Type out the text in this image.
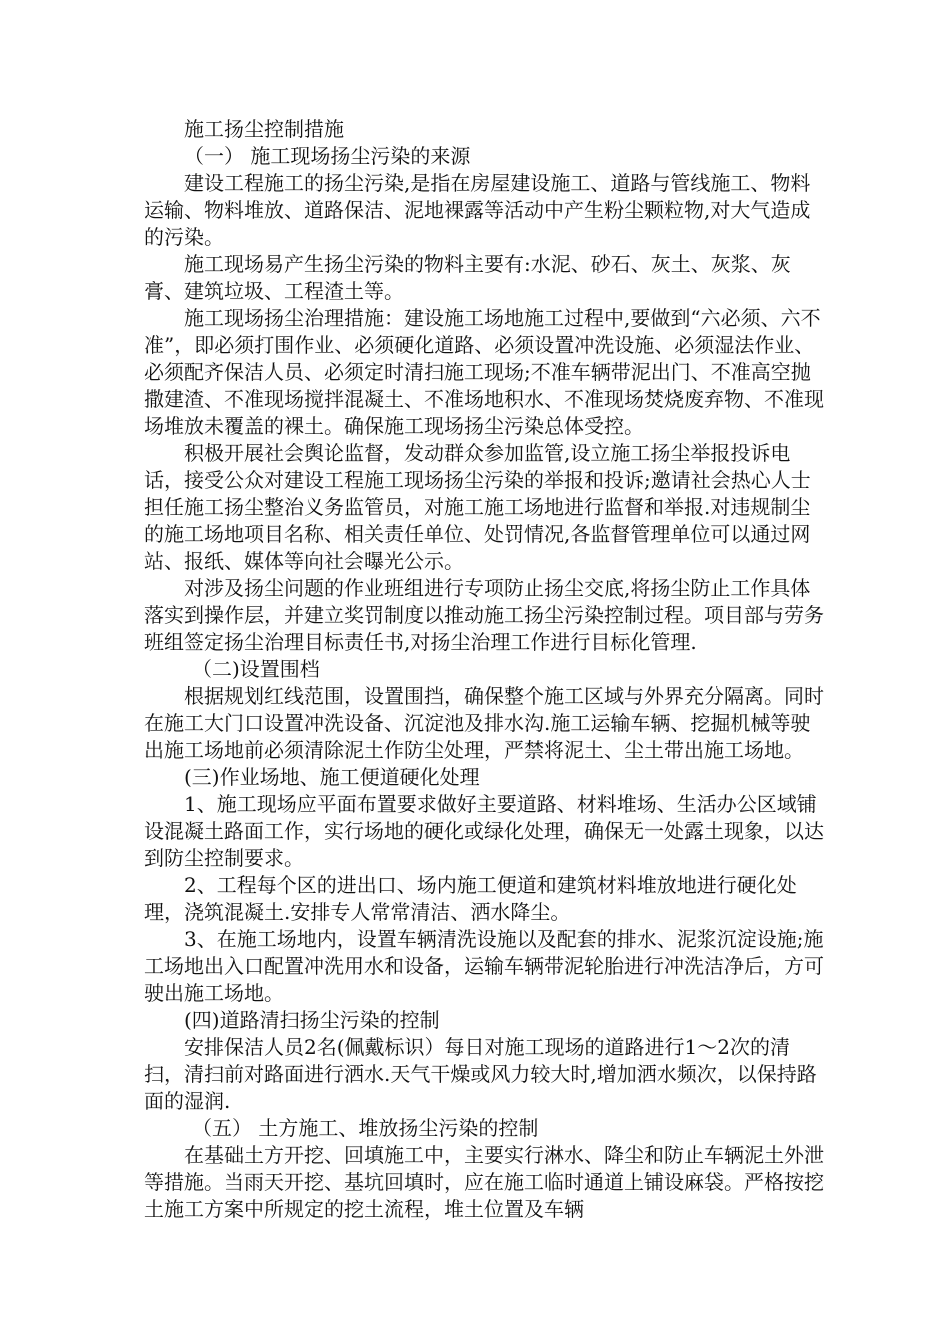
施工扬尘控制措施

（一） 施工现场扬尘污染的来源

建设工程施工的扬尘污染,是指在房屋建设施工、道路与管线施工、物料运输、物料堆放、道路保洁、泥地裸露等活动中产生粉尘颗粒物,对大气造成的污染。

施工现场易产生扬尘污染的物料主要有:水泥、砂石、灰土、灰浆、灰膏、建筑垃圾、工程渣土等。

施工现场扬尘治理措施：建设施工场地施工过程中,要做到“六必须、六不准”，即必须打围作业、必须硬化道路、必须设置冲洗设施、必须湿法作业、必须配齐保洁人员、必须定时清扫施工现场;不准车辆带泥出门、不准高空抛撒建渣、不准现场搅拌混凝土、不准场地积水、不准现场焚烧废弃物、不准现场堆放未覆盖的裸土。确保施工现场扬尘污染总体受控。

积极开展社会舆论监督，发动群众参加监管,设立施工扬尘举报投诉电话，接受公众对建设工程施工现场扬尘污染的举报和投诉;邀请社会热心人士担任施工扬尘整治义务监管员，对施工施工场地进行监督和举报.对违规制尘的施工场地项目名称、相关责任单位、处罚情况,各监督管理单位可以通过网站、报纸、媒体等向社会曝光公示。

对涉及扬尘问题的作业班组进行专项防止扬尘交底,将扬尘防止工作具体落实到操作层，并建立奖罚制度以推动施工扬尘污染控制过程。项目部与劳务班组签定扬尘治理目标责任书,对扬尘治理工作进行目标化管理.

（二)设置围档

根据规划红线范围，设置围挡，确保整个施工区域与外界充分隔离。同时在施工大门口设置冲洗设备、沉淀池及排水沟.施工运输车辆、挖掘机械等驶出施工场地前必须清除泥土作防尘处理，严禁将泥土、尘土带出施工场地。

(三)作业场地、施工便道硬化处理

1、施工现场应平面布置要求做好主要道路、材料堆场、生活办公区域铺设混凝土路面工作，实行场地的硬化或绿化处理，确保无一处露土现象，以达到防尘控制要求。

2、工程每个区的进出口、场内施工便道和建筑材料堆放地进行硬化处理，浇筑混凝土.安排专人常常清洁、洒水降尘。

3、在施工场地内，设置车辆清洗设施以及配套的排水、泥浆沉淀设施;施工场地出入口配置冲洗用水和设备，运输车辆带泥轮胎进行冲洗洁净后，方可驶出施工场地。

(四)道路清扫扬尘污染的控制

安排保洁人员2名(佩戴标识）每日对施工现场的道路进行1～2次的清扫，清扫前对路面进行洒水.天气干燥或风力较大时,增加洒水频次，以保持路面的湿润.

（五） 土方施工、堆放扬尘污染的控制

在基础土方开挖、回填施工中，主要实行淋水、降尘和防止车辆泥土外泄等措施。当雨天开挖、基坑回填时，应在施工临时通道上铺设麻袋。严格按挖土施工方案中所规定的挖土流程，堆土位置及车辆
